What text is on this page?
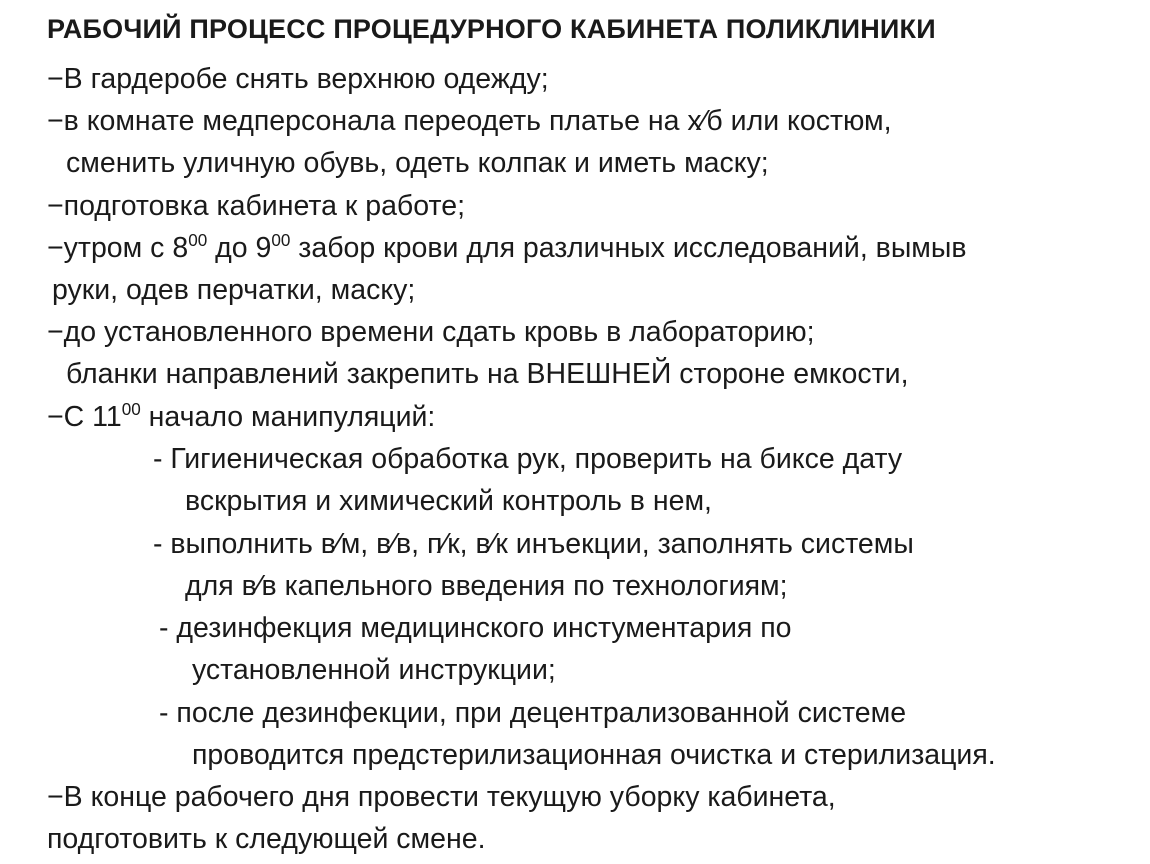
РАБОЧИЙ ПРОЦЕСС ПРОЦЕДУРНОГО КАБИНЕТА ПОЛИКЛИНИКИ
−В гардеробе снять верхнюю одежду;
−в комнате медперсонала переодеть платье на х⁄б или костюм,
сменить уличную обувь, одеть колпак и иметь маску;
−подготовка кабинета к работе;
−утром с $8^{00}$ до $9^{00}$ забор крови для различных исследований, вымыв
руки, одев перчатки, маску;
−до установленного времени сдать кровь в лабораторию;
бланки направлений закрепить на ВНЕШНЕЙ стороне емкости,
−С $11^{00}$ начало манипуляций:
- Гигиеническая обработка рук, проверить на биксе дату
вскрытия и химический контроль в нем,
- выполнить в⁄м, в⁄в, п⁄к, в⁄к инъекции, заполнять системы
для в⁄в капельного введения по технологиям;
- дезинфекция медицинского инстументария по
установленной инструкции;
- после дезинфекции, при децентрализованной системе
проводится предстерилизационная очистка и стерилизация.
−В конце рабочего дня провести текущую уборку кабинета,
подготовить к следующей смене.
